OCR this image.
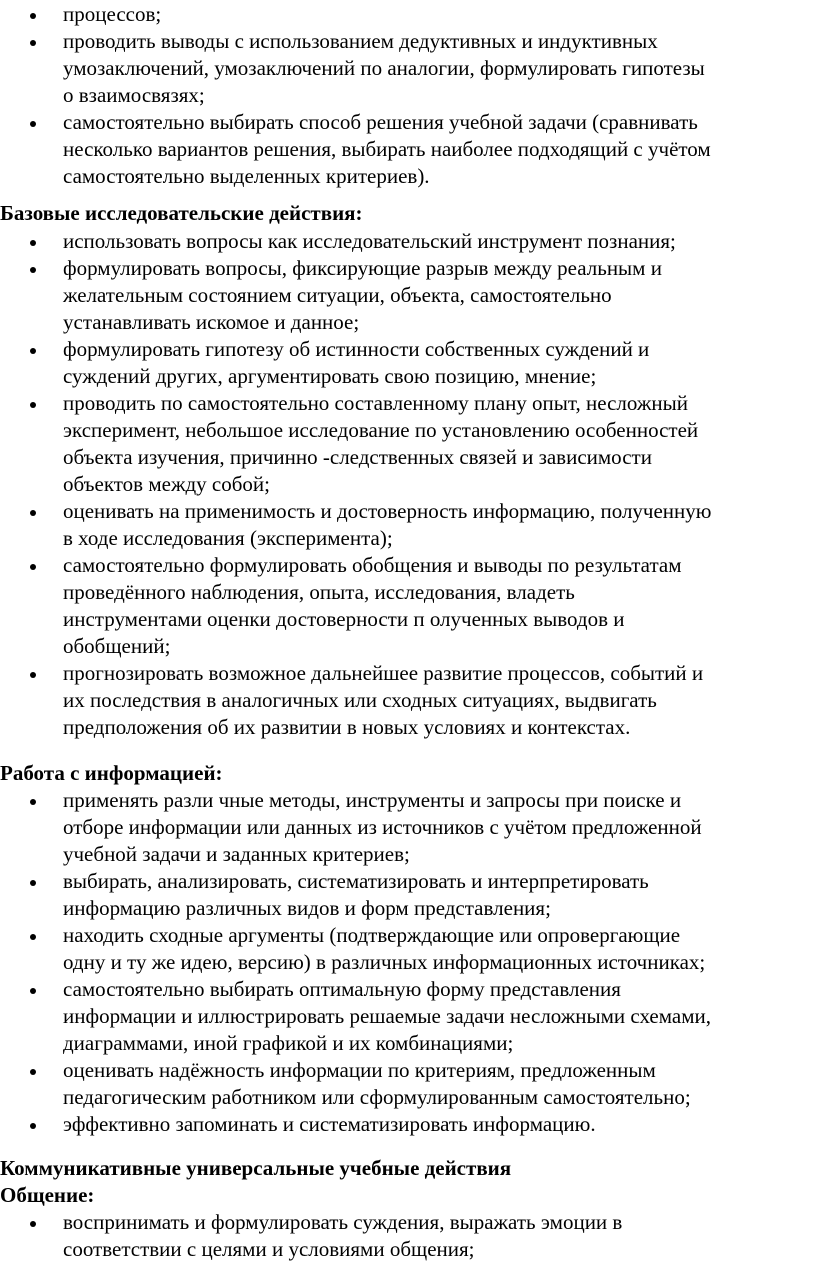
процессов;
проводить выводы с использованием дедуктивных и индуктивных
умозаключений, умозаключений по аналогии, формулировать гипотезы
о взаимосвязях;
самостоятельно выбирать способ решения учебной задачи (сравнивать
несколько вариантов решения, выбирать наиболее подходящий с учётом
самостоятельно выделенных критериев).
Базовые исследовательские действия:
использовать вопросы как исследовательский инструмент познания;
формулировать вопросы, фиксирующие разрыв между реальным и
желательным состоянием ситуации, объекта, самостоятельно
устанавливать искомое и данное;
формулировать гипотезу об истинности собственных суждений и
суждений других, аргументировать свою позицию, мнение;
проводить по самостоятельно составленному плану опыт, несложный
эксперимент, небольшое исследование по установлению особенностей
объекта изучения, причинно -следственных связей и зависимости
объектов между собой;
оценивать на применимость и достоверность информацию, полученную
в ходе исследования (эксперимента);
самостоятельно формулировать обобщения и выводы по результатам
проведённого наблюдения, опыта, исследования, владеть
инструментами оценки достоверности п олученных выводов и
обобщений;
прогнозировать возможное дальнейшее развитие процессов, событий и
их последствия в аналогичных или сходных ситуациях, выдвигать
предположения об их развитии в новых условиях и контекстах.
Работа с информацией:
применять разли чные методы, инструменты и запросы при поиске и
отборе информации или данных из источников с учётом предложенной
учебной задачи и заданных критериев;
выбирать, анализировать, систематизировать и интерпретировать
информацию различных видов и форм представления;
находить сходные аргументы (подтверждающие или опровергающие
одну и ту же идею, версию) в различных информационных источниках;
самостоятельно выбирать оптимальную форму представления
информации и иллюстрировать решаемые задачи несложными схемами,
диаграммами, иной графикой и их комбинациями;
оценивать надёжность информации по критериям, предложенным
педагогическим работником или сформулированным самостоятельно;
эффективно запоминать и систематизировать информацию.
Коммуникативные универсальные учебные действия
Общение:
воспринимать и формулировать суждения, выражать эмоции в
соответствии с целями и условиями общения;
